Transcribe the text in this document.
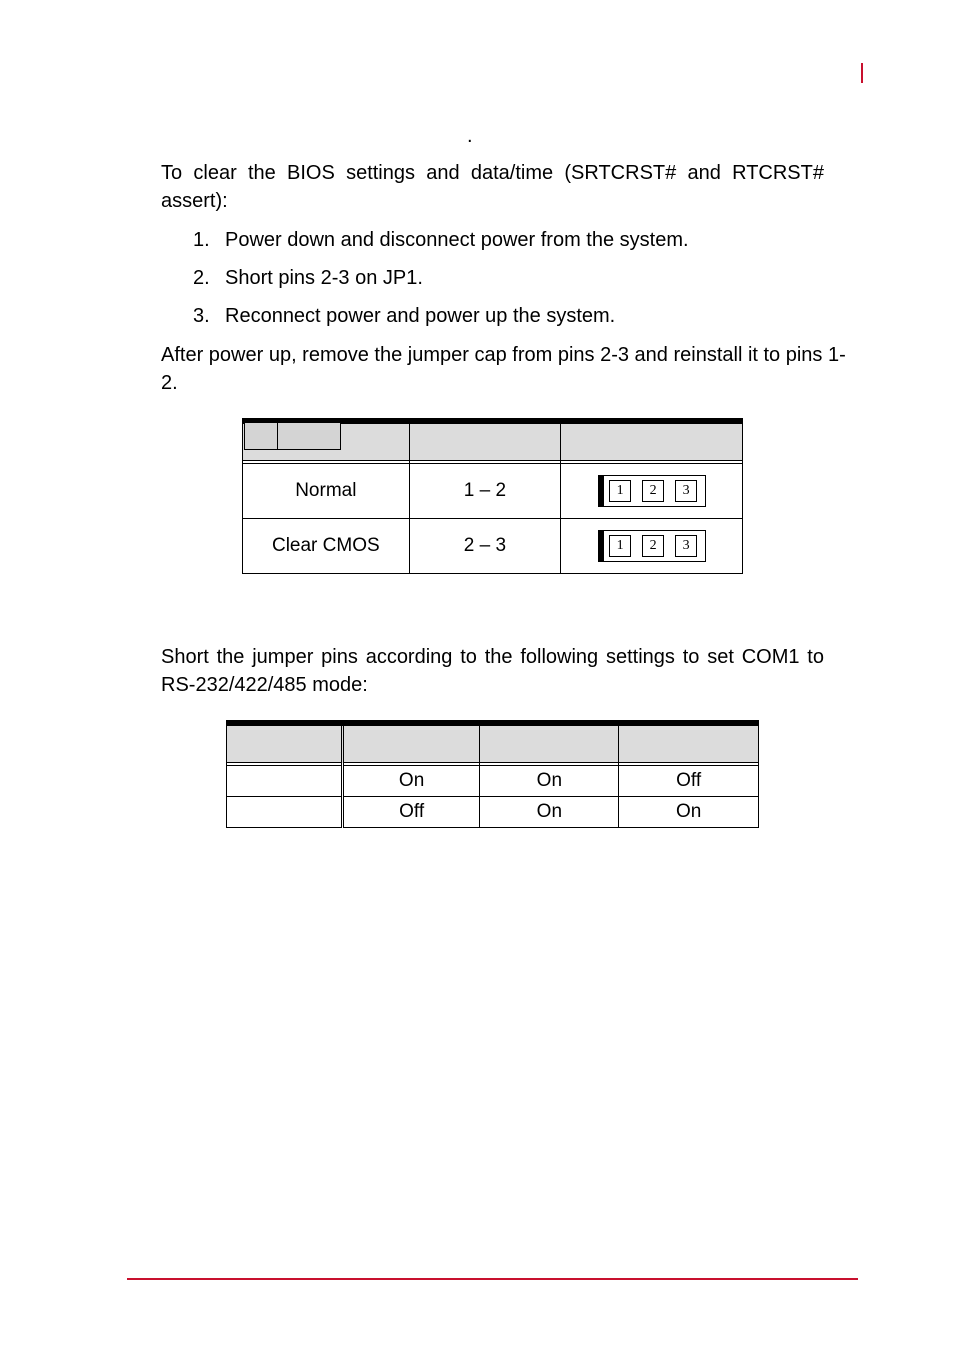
.

To clear the BIOS settings and data/time (SRTCRST# and RTCRST# assert):

1. Power down and disconnect power from the system.
2. Short pins 2-3 on JP1.
3. Reconnect power and power up the system.

After power up, remove the jumper cap from pins 2-3 and reinstall it to pins 1-2.

Normal	1 – 2	1 2 3

Clear CMOS	2 – 3	1 2 3

Short the jumper pins according to the following settings to set COM1 to RS-232/422/485 mode:

	On	On	Off
	Off	On	On
